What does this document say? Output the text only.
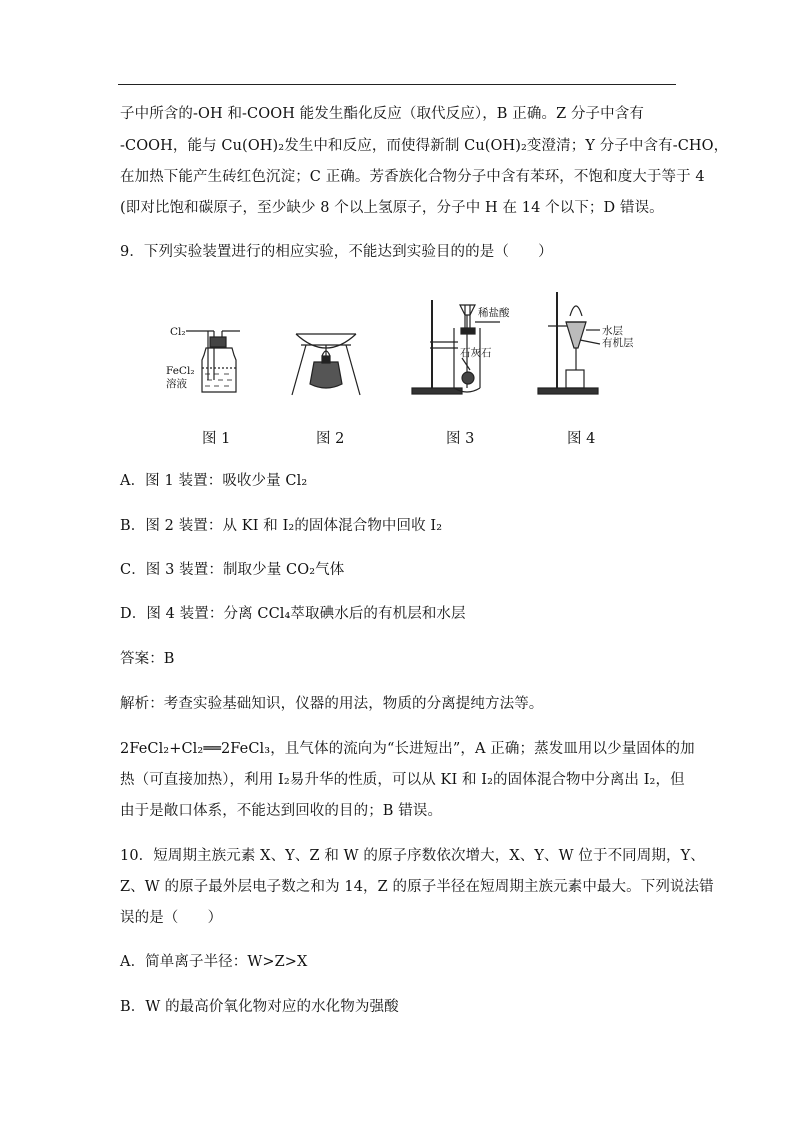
子中所含的-OH 和-COOH 能发生酯化反应（取代反应），B 正确。Z 分子中含有
-COOH，能与 Cu(OH)₂发生中和反应，而使得新制 Cu(OH)₂变澄清；Y 分子中含有-CHO，
在加热下能产生砖红色沉淀；C 正确。芳香族化合物分子中含有苯环，不饱和度大于等于 4
(即对比饱和碳原子，至少缺少 8 个以上氢原子，分子中 H 在 14 个以下；D 错误。
9．下列实验装置进行的相应实验，不能达到实验目的的是（　　）
Cl₂
FeCl₂
溶液
稀盐酸
石灰石
水层
有机层
图 1	图 2	图 3	图 4
A．图 1 装置：吸收少量 Cl₂
B．图 2 装置：从 KI 和 I₂的固体混合物中回收 I₂
C．图 3 装置：制取少量 CO₂气体
D．图 4 装置：分离 CCl₄萃取碘水后的有机层和水层
答案：B
解析：考查实验基础知识，仪器的用法，物质的分离提纯方法等。
2FeCl₂+Cl₂══2FeCl₃，且气体的流向为“长进短出”，A 正确；蒸发皿用以少量固体的加
热（可直接加热），利用 I₂易升华的性质，可以从 KI 和 I₂的固体混合物中分离出 I₂，但
由于是敞口体系，不能达到回收的目的；B 错误。
10．短周期主族元素 X、Y、Z 和 W 的原子序数依次增大，X、Y、W 位于不同周期，Y、
Z、W 的原子最外层电子数之和为 14，Z 的原子半径在短周期主族元素中最大。下列说法错
误的是（　　）
A．简单离子半径：W>Z>X
B．W 的最高价氧化物对应的水化物为强酸
